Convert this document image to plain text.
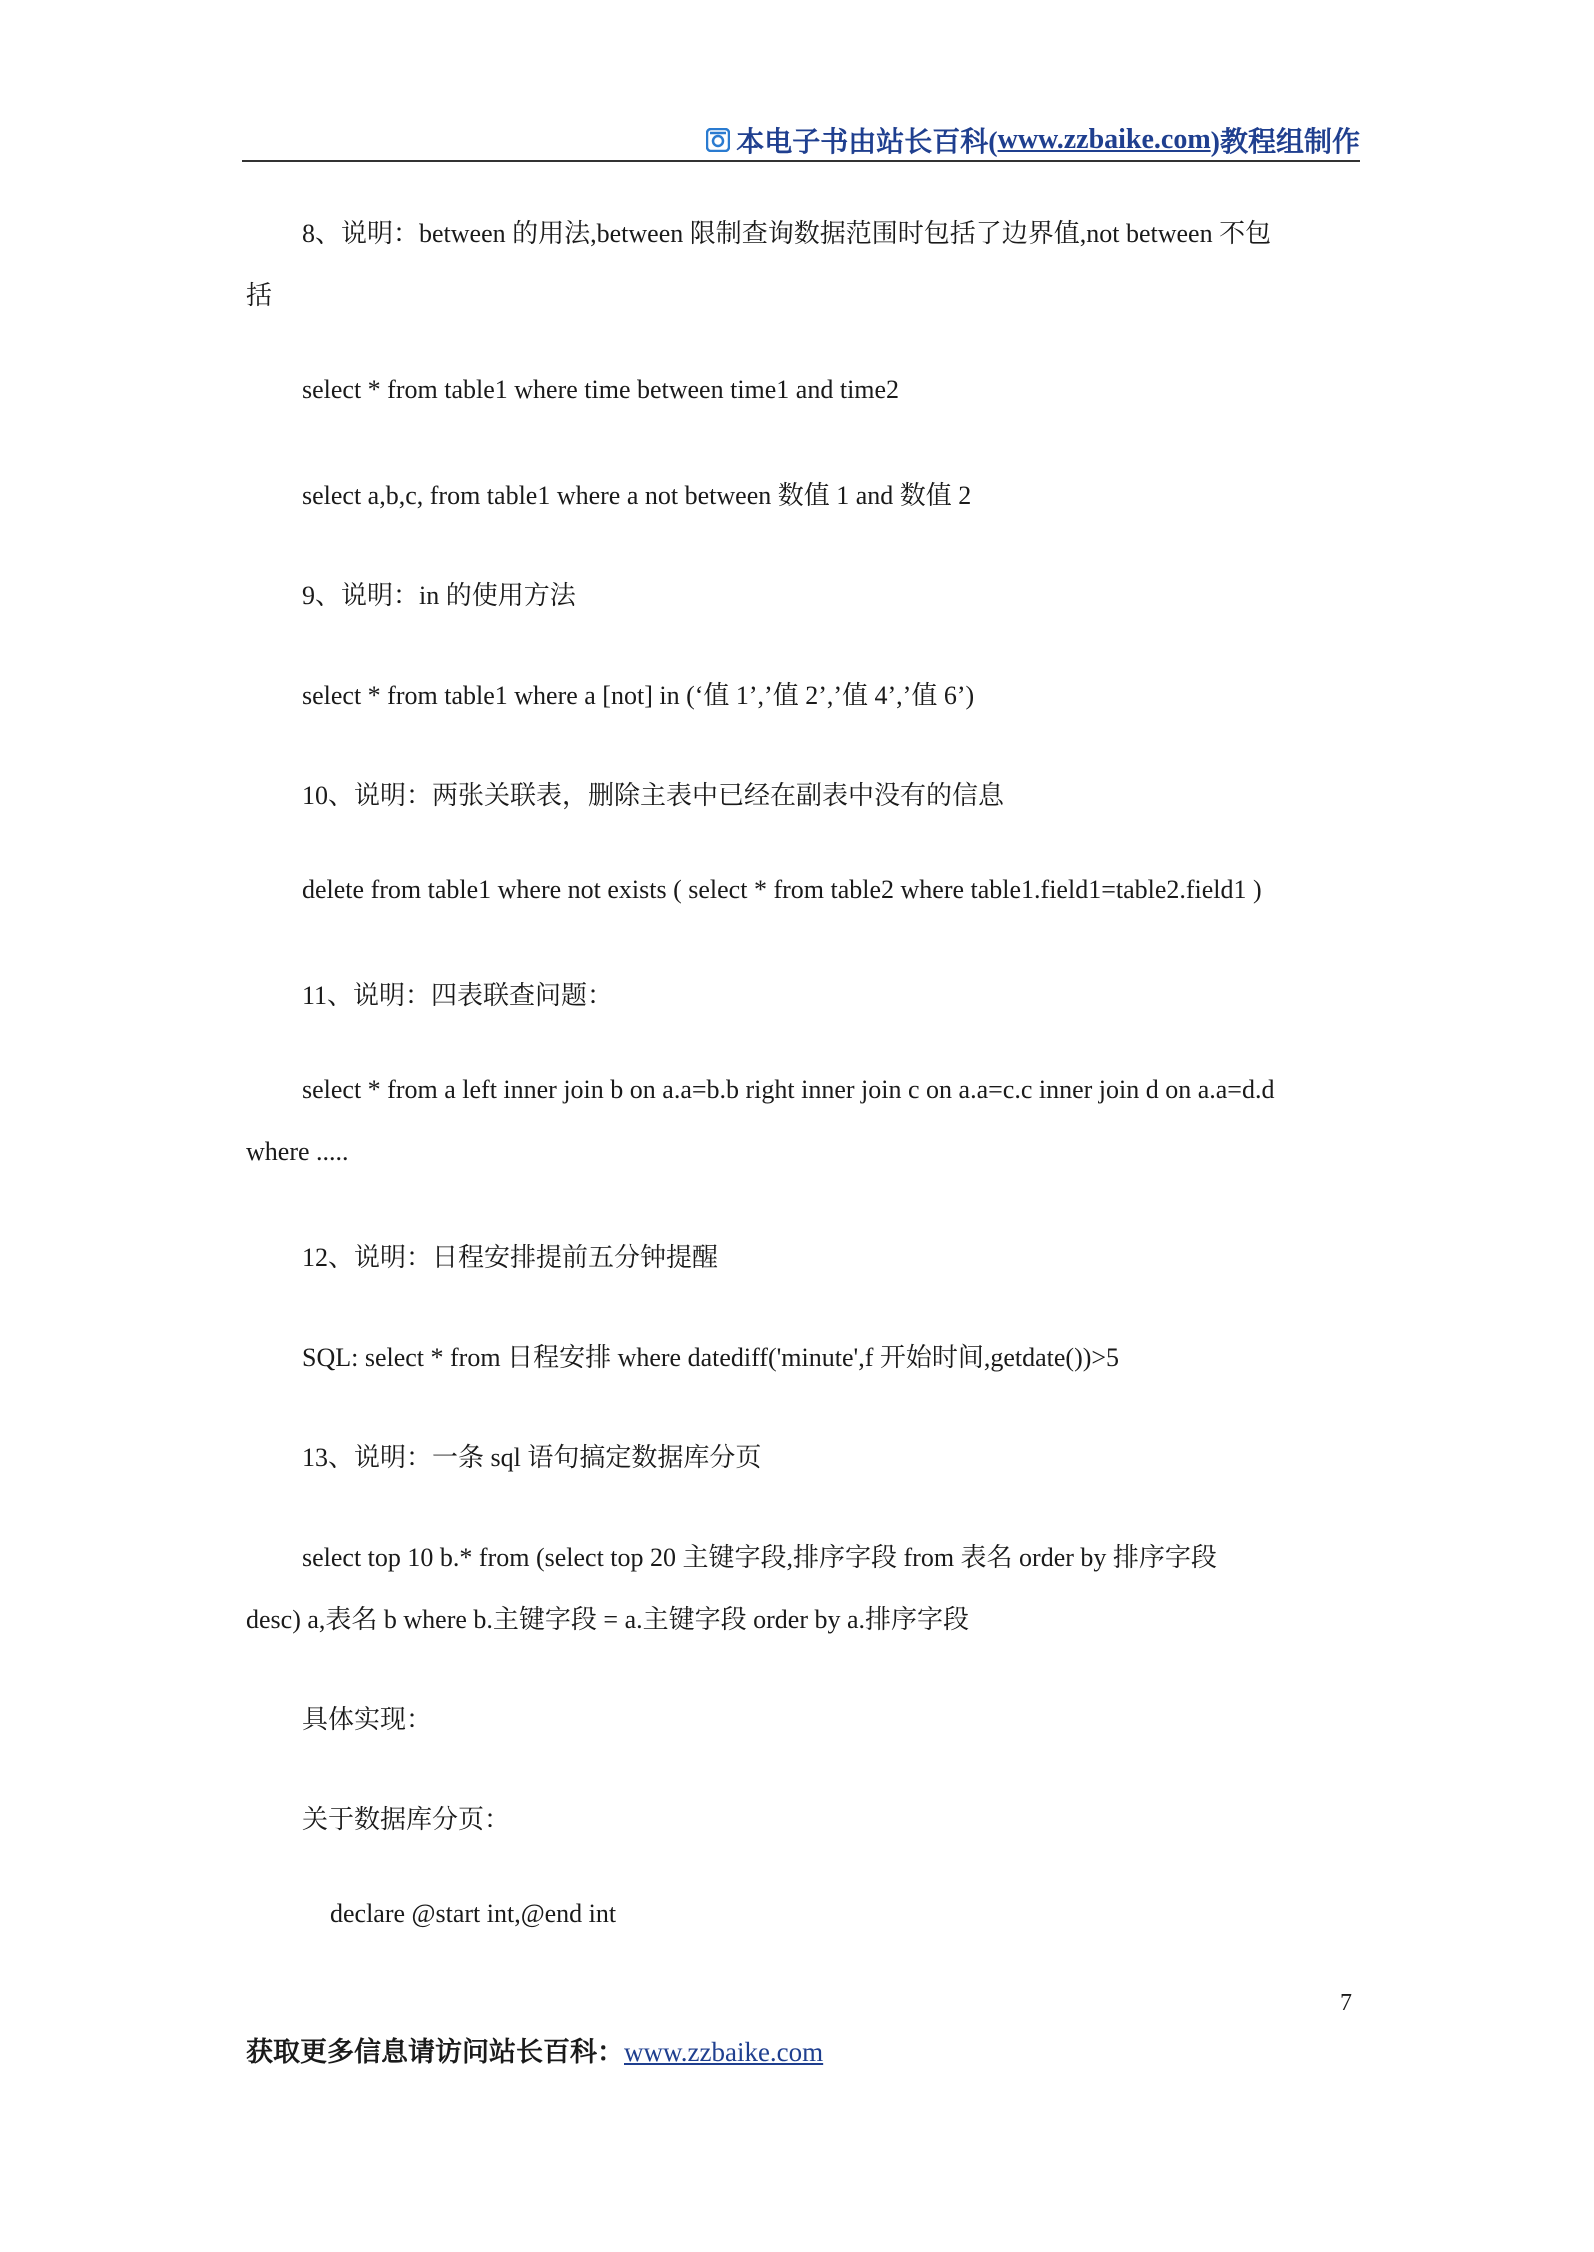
本电子书由站长百科( www.zzbaike.com )教程组制作
8、说明：between 的用法,between 限制查询数据范围时包括了边界值,not between 不包
括
select * from table1 where time between time1 and time2
select a,b,c, from table1 where a not between 数值 1 and 数值 2
9、说明：in 的使用方法
select * from table1 where a [not] in (‘值 1’,’值 2’,’值 4’,’值 6’)
10、说明：两张关联表，删除主表中已经在副表中没有的信息
delete from table1 where not exists ( select * from table2 where table1.field1=table2.field1 )
11、说明：四表联查问题：
select * from a left inner join b on a.a=b.b right inner join c on a.a=c.c inner join d on a.a=d.d
where .....
12、说明：日程安排提前五分钟提醒
SQL: select * from 日程安排 where datediff('minute',f 开始时间,getdate())>5
13、说明：一条 sql 语句搞定数据库分页
select top 10 b.* from (select top 20 主键字段,排序字段 from 表名 order by 排序字段
desc) a,表名 b where b.主键字段 = a.主键字段 order by a.排序字段
具体实现：
关于数据库分页：
declare @start int,@end int
7
获取更多信息请访问站长百科：www.zzbaike.com
